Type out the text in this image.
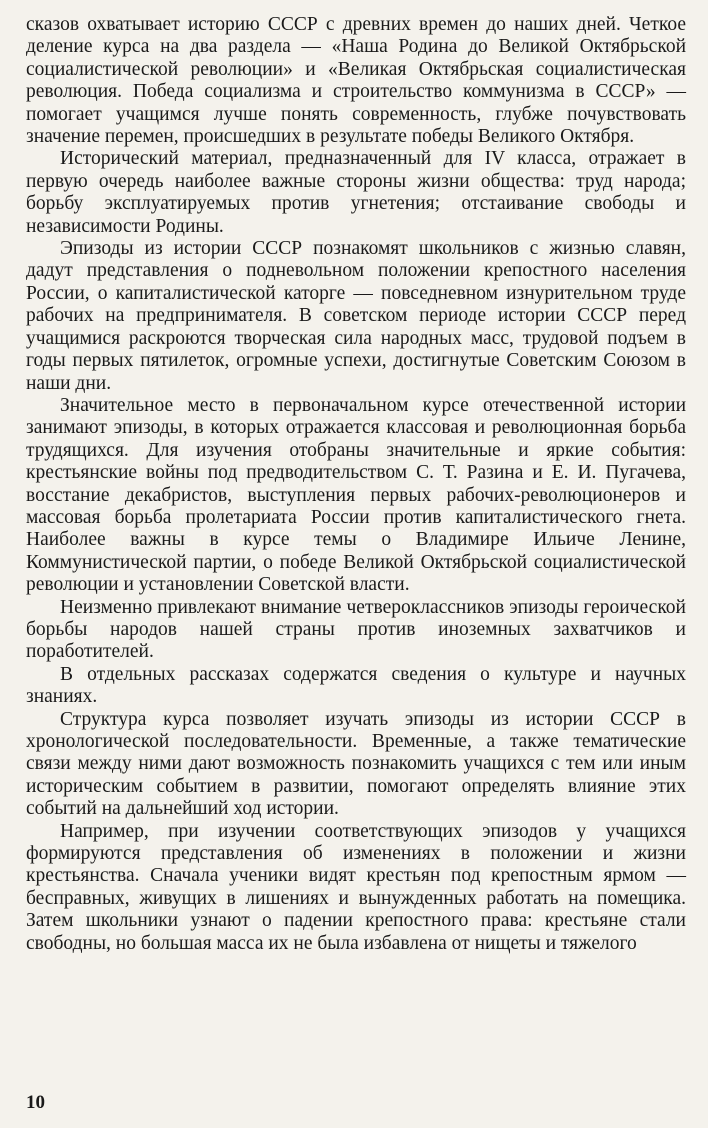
сказов охватывает историю СССР с древних времен до наших дней. Четкое деление курса на два раздела — «Наша Родина до Великой Октябрьской социалистической революции» и «Великая Октябрьская социалистическая революция. Победа социализма и строительство коммунизма в СССР» — помогает учащимся лучше понять современность, глубже почувствовать значение перемен, происшедших в результате победы Великого Октября.

Исторический материал, предназначенный для IV класса, отражает в первую очередь наиболее важные стороны жизни общества: труд народа; борьбу эксплуатируемых против угнетения; отстаивание свободы и независимости Родины.

Эпизоды из истории СССР познакомят школьников с жизнью славян, дадут представления о подневольном положении крепостного населения России, о капиталистической каторге — повседневном изнурительном труде рабочих на предпринимателя. В советском периоде истории СССР перед учащимися раскроются творческая сила народных масс, трудовой подъем в годы первых пятилеток, огромные успехи, достигнутые Советским Союзом в наши дни.

Значительное место в первоначальном курсе отечественной истории занимают эпизоды, в которых отражается классовая и революционная борьба трудящихся. Для изучения отобраны значительные и яркие события: крестьянские войны под предводительством С. Т. Разина и Е. И. Пугачева, восстание декабристов, выступления первых рабочих-революционеров и массовая борьба пролетариата России против капиталистического гнета. Наиболее важны в курсе темы о Владимире Ильиче Ленине, Коммунистической партии, о победе Великой Октябрьской социалистической революции и установлении Советской власти.

Неизменно привлекают внимание четвероклассников эпизоды героической борьбы народов нашей страны против иноземных захватчиков и поработителей.

В отдельных рассказах содержатся сведения о культуре и научных знаниях.

Структура курса позволяет изучать эпизоды из истории СССР в хронологической последовательности. Временные, а также тематические связи между ними дают возможность познакомить учащихся с тем или иным историческим событием в развитии, помогают определять влияние этих событий на дальнейший ход истории.

Например, при изучении соответствующих эпизодов у учащихся формируются представления об изменениях в положении и жизни крестьянства. Сначала ученики видят крестьян под крепостным ярмом — бесправных, живущих в лишениях и вынужденных работать на помещика. Затем школьники узнают о падении крепостного права: крестьяне стали свободны, но большая масса их не была избавлена от нищеты и тяжелого

10
